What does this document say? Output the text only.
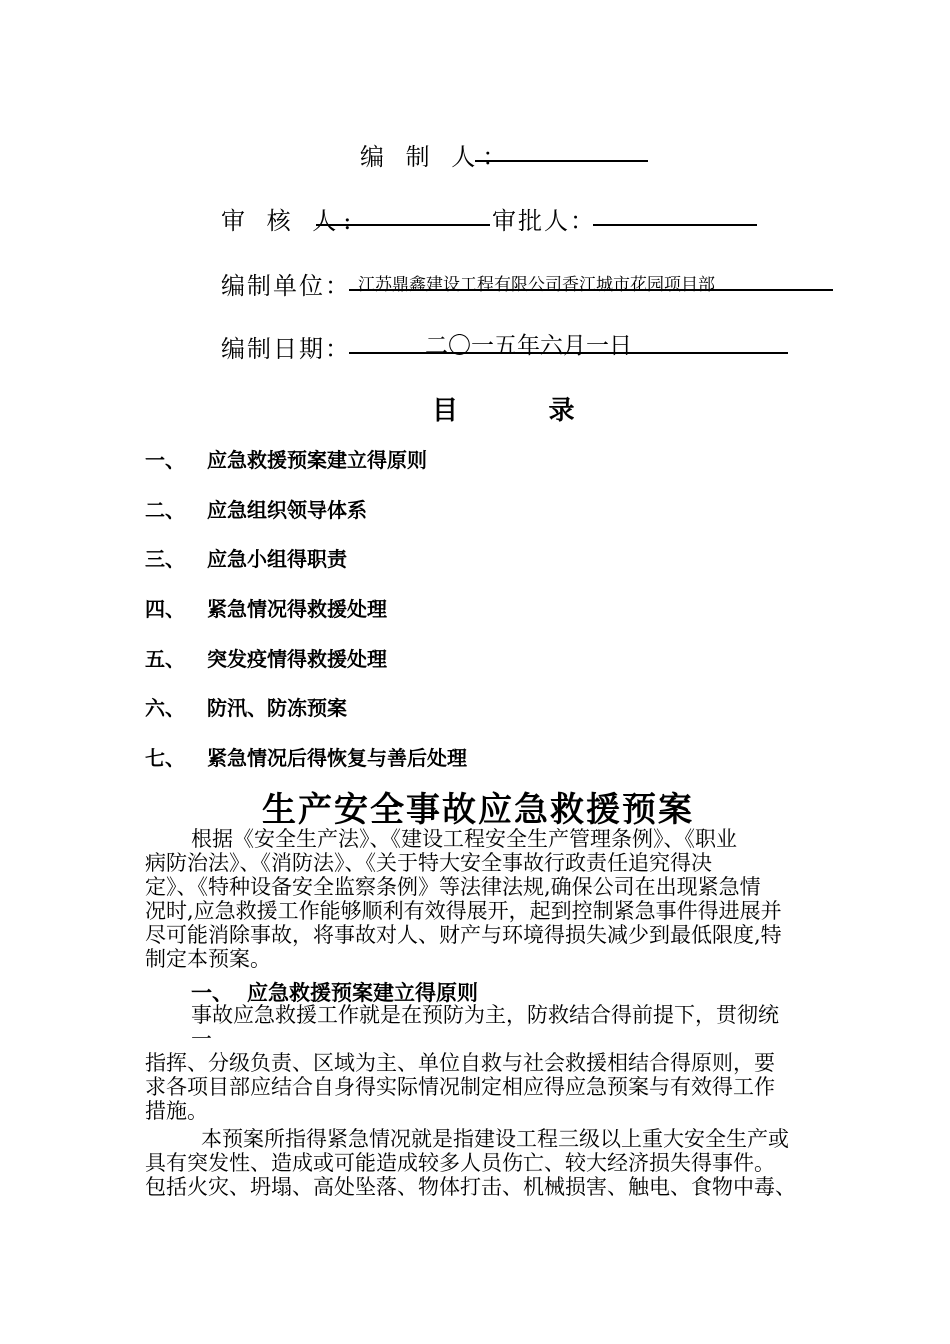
编 制 人：
审 核 人:	审批人：
编制单位： 江苏鼎鑫建设工程有限公司香江城市花园项目部
编制日期：	二〇一五年六月一日
目          录
一、 应急救援预案建立得原则
二、 应急组织领导体系
三、 应急小组得职责
四、 紧急情况得救援处理
五、 突发疫情得救援处理
六、 防汛、防冻预案
七、 紧急情况后得恢复与善后处理
生产安全事故应急救援预案
根据《安全生产法》、《建设工程安全生产管理条例》、《职业
病防治法》、《消防法》、《关于特大安全事故行政责任追究得决
定》、《特种设备安全监察条例》等法律法规,确保公司在出现紧急情
况时,应急救援工作能够顺利有效得展开，起到控制紧急事件得进展并
尽可能消除事故，将事故对人、财产与环境得损失减少到最低限度,特
制定本预案。
一、 应急救援预案建立得原则
事故应急救援工作就是在预防为主，防救结合得前提下，贯彻统
一
指挥、分级负责、区域为主、单位自救与社会救援相结合得原则，要
求各项目部应结合自身得实际情况制定相应得应急预案与有效得工作
措施。
本预案所指得紧急情况就是指建设工程三级以上重大安全生产或
具有突发性、造成或可能造成较多人员伤亡、较大经济损失得事件。
包括火灾、坍塌、高处坠落、物体打击、机械损害、触电、食物中毒、
